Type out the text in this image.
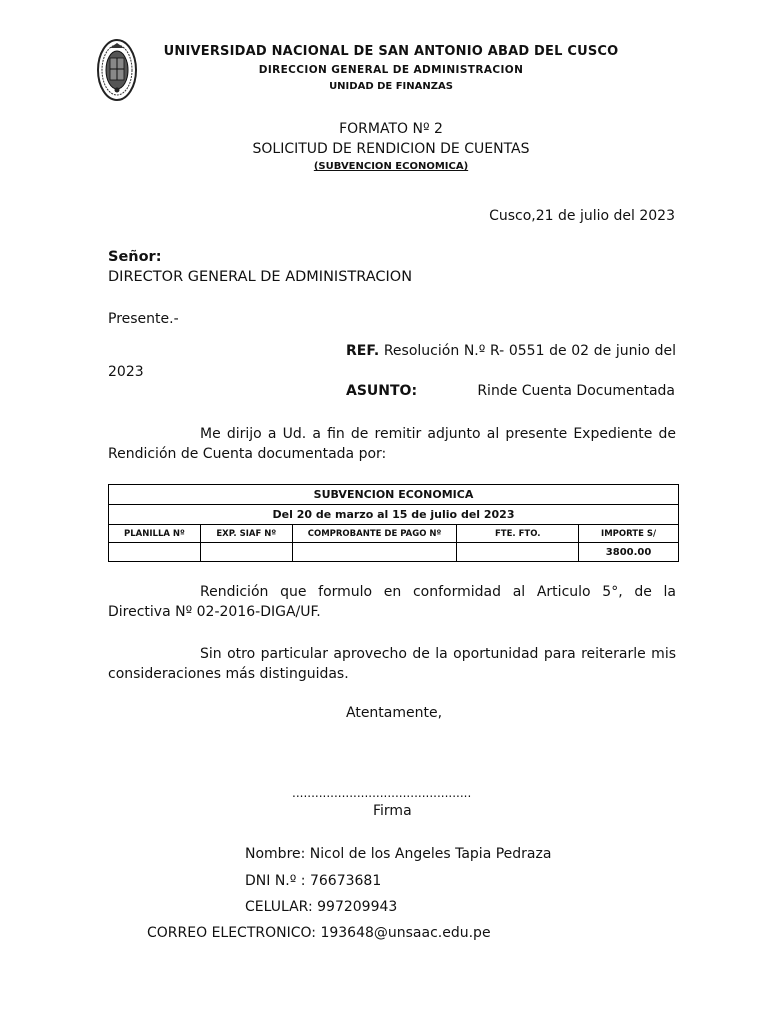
UNIVERSIDAD NACIONAL DE SAN ANTONIO ABAD DEL CUSCO
DIRECCION GENERAL DE ADMINISTRACION
UNIDAD DE FINANZAS
FORMATO Nº 2
SOLICITUD DE RENDICION DE CUENTAS
(SUBVENCION ECONOMICA)
Cusco,21 de julio del 2023
Señor:
DIRECTOR GENERAL DE ADMINISTRACION
Presente.-
REF. Resolución N.º R- 0551 de 02 de junio del
2023
ASUNTO:	Rinde Cuenta Documentada
Me dirijo a Ud. a fin de remitir adjunto al presente Expediente de Rendición de Cuenta documentada por:
SUBVENCION ECONOMICA				
Del 20 de marzo al 15 de julio del 2023				
PLANILLA Nº	EXP. SIAF Nº	COMPROBANTE DE PAGO Nº	FTE. FTO.	IMPORTE S/
				3800.00
Rendición que formulo en conformidad al Articulo 5°, de la Directiva Nº 02-2016-DIGA/UF.
Sin otro particular aprovecho de la oportunidad para reiterarle mis consideraciones más distinguidas.
Atentamente,
...............................................
Firma
Nombre: Nicol de los Angeles Tapia Pedraza
DNI N.º : 76673681
CELULAR: 997209943
CORREO ELECTRONICO: 193648@unsaac.edu.pe
